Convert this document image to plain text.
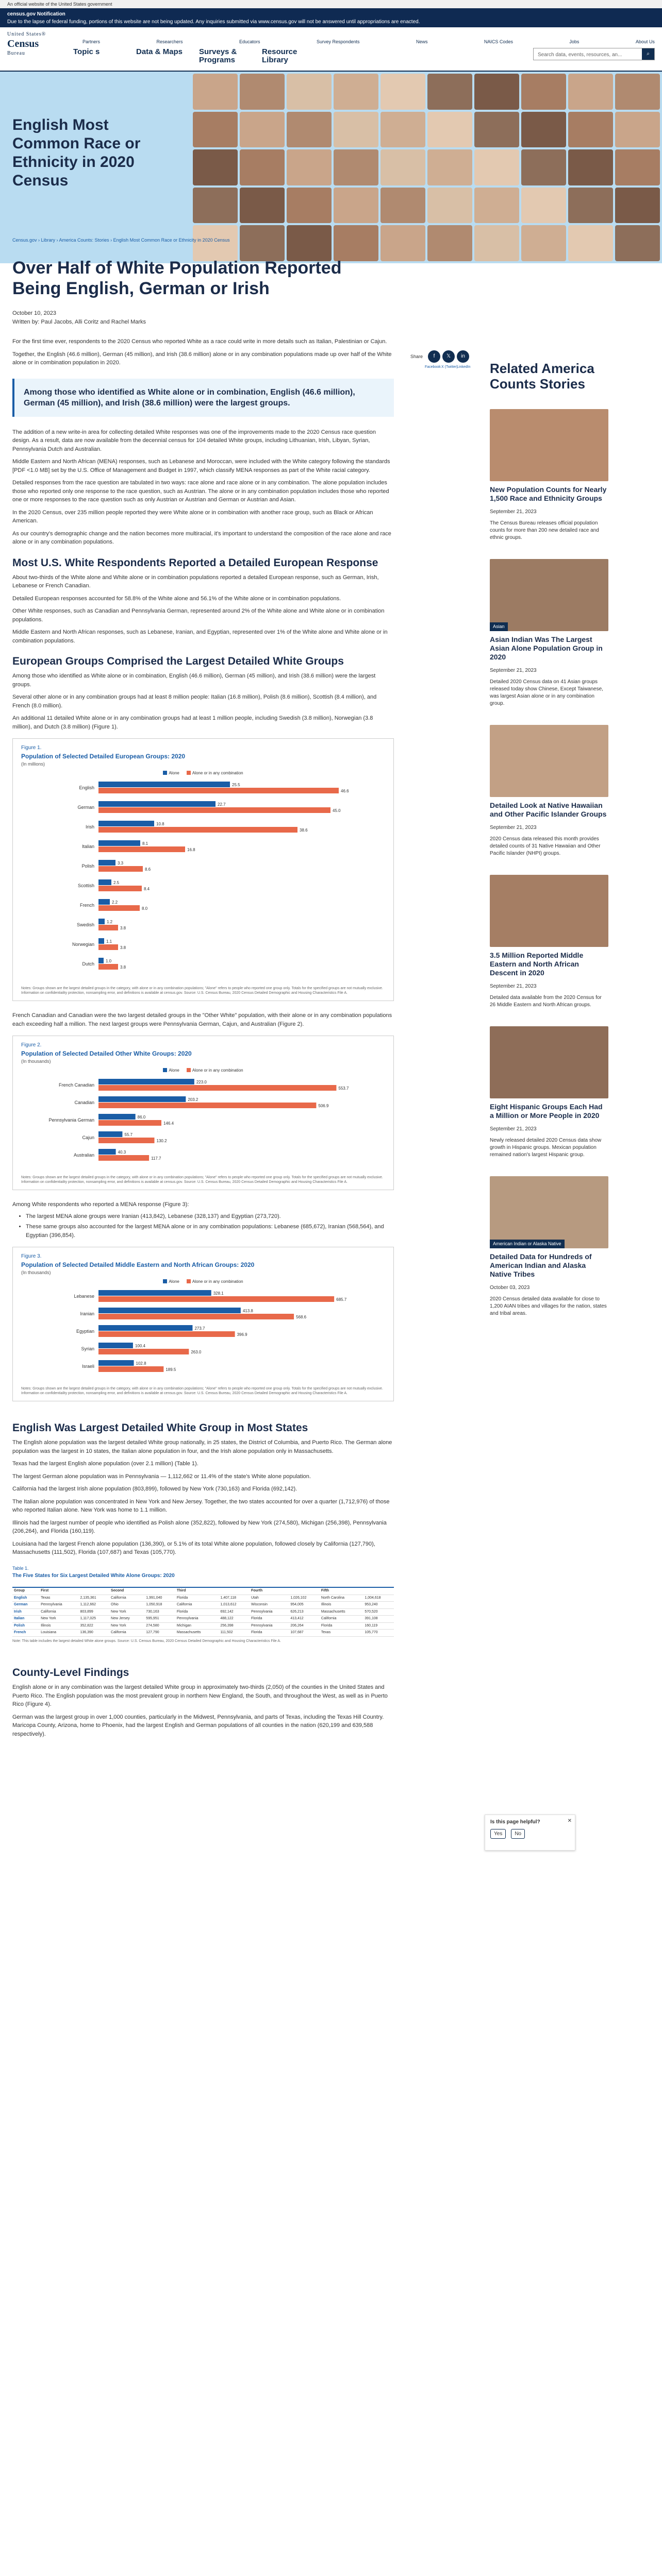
An official website of the United States government
census.gov Notification
Due to the lapse of federal funding, portions of this website are not being updated. Any inquiries submitted via www.census.gov will not be answered until appropriations are enacted.
United States®
Census
Bureau	Topic s	Data & Maps	Surveys & Programs
Resource Library
Partners	Researchers	Educators	Survey Respondents	News	NAICS Codes	Jobs	About Us
Search data, events, resources, an...	⌕
English Most Common Race or Ethnicity in 2020 Census
Census.gov › Library › America Counts: Stories › English Most Common Race or Ethnicity in 2020 Census
Share	f	𝕏	in
Facebook X (Twitter)
LinkedIn
Over Half of White Population Reported Being English, German or Irish
October 10, 2023
Written by: Paul Jacobs, Alli Coritz and Rachel Marks

For the first time ever, respondents to the 2020 Census who reported White as a race could write in more details such as Italian, Palestinian or Cajun.

Together, the English (46.6 million), German (45 million), and Irish (38.6 million) alone or in any combination populations made up over half of the White alone or in combination population in 2020.

Among those who identified as White alone or in combination, English (46.6 million), German (45 million), and Irish (38.6 million) were the largest groups.

The addition of a new write-in area for collecting detailed White responses was one of the improvements made to the 2020 Census race question design. As a result, data are now available from the decennial census for 104 detailed White groups, including Lithuanian, Irish, Libyan, Syrian, Pennsylvania Dutch and Australian.

Middle Eastern and North African (MENA) responses, such as Lebanese and Moroccan, were included with the White category following the standards [PDF <1.0 MB] set by the U.S. Office of Management and Budget in 1997, which classify MENA responses as part of the White racial category.

Detailed responses from the race question are tabulated in two ways: race alone and race alone or in any combination. The alone population includes those who reported only one response to the race question, such as Austrian. The alone or in any combination population includes those who reported one or more responses to the race question such as only Austrian or Austrian and German or Austrian and Asian.

In the 2020 Census, over 235 million people reported they were White alone or in combination with another race group, such as Black or African American.

As our country's demographic change and the nation becomes more multiracial, it's important to understand the composition of the race alone and race alone or in any combination populations.

Most U.S. White Respondents Reported a Detailed European Response

About two-thirds of the White alone and White alone or in combination populations reported a detailed European response, such as German, Irish, Lebanese or French Canadian.

Detailed European responses accounted for 58.8% of the White alone and 56.1% of the White alone or in combination populations.

Other White responses, such as Canadian and Pennsylvania German, represented around 2% of the White alone and White alone or in combination populations.

Middle Eastern and North African responses, such as Lebanese, Iranian, and Egyptian, represented over 1% of the White alone and White alone or in combination populations.

European Groups Comprised the Largest Detailed White Groups

Among those who identified as White alone or in combination, English (46.6 million), German (45 million), and Irish (38.6 million) were the largest groups.

Several other alone or in any combination groups had at least 8 million people: Italian (16.8 million), Polish (8.6 million), Scottish (8.4 million), and French (8.0 million).

An additional 11 detailed White alone or in any combination groups had at least 1 million people, including Swedish (3.8 million), Norwegian (3.8 million), and Dutch (3.8 million) (Figure 1).

Figure 1.
Population of Selected Detailed European Groups: 2020
(In millions)
Alone	Alone or in any combination
English
25.5
46.6
German
22.7
45.0
Irish
10.8
38.6
Italian
8.1
16.8
Polish
3.3
8.6
Scottish
2.5
8.4
French
2.2
8.0
Swedish
1.2
3.8
Norwegian
1.1
3.8
Dutch
1.0
3.8
Notes: Groups shown are the largest detailed groups in the category, with alone or in any combination populations; "Alone" refers to people who reported one group only. Totals for the specified groups are not mutually exclusive. Information on confidentiality protection, nonsampling error, and definitions is available at census.gov. Source: U.S. Census Bureau, 2020 Census Detailed Demographic and Housing Characteristics File A.

French Canadian and Canadian were the two largest detailed groups in the "Other White" population, with their alone or in any combination populations each exceeding half a million. The next largest groups were Pennsylvania German, Cajun, and Australian (Figure 2).

Figure 2.
Population of Selected Detailed Other White Groups: 2020
(In thousands)
Alone	Alone or in any combination
French Canadian
223.0
553.7
Canadian
203.2
506.9
Pennsylvania German
86.0
146.4
Cajun
55.7
130.2
Australian
40.3
117.7
Notes: Groups shown are the largest detailed groups in the category, with alone or in any combination populations; "Alone" refers to people who reported one group only. Totals for the specified groups are not mutually exclusive. Information on confidentiality protection, nonsampling error, and definitions is available at census.gov. Source: U.S. Census Bureau, 2020 Census Detailed Demographic and Housing Characteristics File A.

Among White respondents who reported a MENA response (Figure 3):

• The largest MENA alone groups were Iranian (413,842), Lebanese (328,137) and Egyptian (273,720).
• These same groups also accounted for the largest MENA alone or in any combination populations: Lebanese (685,672), Iranian (568,564), and Egyptian (396,854).
Figure 3.
Population of Selected Detailed Middle Eastern and North African Groups: 2020
(In thousands)
Alone	Alone or in any combination
Lebanese
328.1
685.7
Iranian
413.8
568.6
Egyptian
273.7
396.9
Syrian
100.4
263.0
Israeli
102.8
189.5
Notes: Groups shown are the largest detailed groups in the category, with alone or in any combination populations; "Alone" refers to people who reported one group only. Totals for the specified groups are not mutually exclusive. Information on confidentiality protection, nonsampling error, and definitions is available at census.gov. Source: U.S. Census Bureau, 2020 Census Detailed Demographic and Housing Characteristics File A.
English Was Largest Detailed White Group in Most States

The English alone population was the largest detailed White group nationally, in 25 states, the District of Columbia, and Puerto Rico. The German alone population was the largest in 10 states, the Italian alone population in four, and the Irish alone population only in Massachusetts.

Texas had the largest English alone population (over 2.1 million) (Table 1).

The largest German alone population was in Pennsylvania — 1,112,662 or 11.4% of the state's White alone population.

California had the largest Irish alone population (803,899), followed by New York (730,163) and Florida (692,142).

The Italian alone population was concentrated in New York and New Jersey. Together, the two states accounted for over a quarter (1,712,976) of those who reported Italian alone. New York was home to 1.1 million.

Illinois had the largest number of people who identified as Polish alone (352,822), followed by New York (274,580), Michigan (256,398), Pennsylvania (206,264), and Florida (160,119).

Louisiana had the largest French alone population (136,390), or 5.1% of its total White alone population, followed closely by California (127,790), Massachusetts (111,502), Florida (107,687) and Texas (105,770).

Table 1.
The Five States for Six Largest Detailed White Alone Groups: 2020
Group	First		Second		Third		Fourth		Fifth	
English	Texas	2,135,361	California	1,991,040	Florida	1,407,118	Utah	1,026,102	North Carolina	1,004,618
German	Pennsylvania	1,112,662	Ohio	1,050,918	California	1,013,612	Wisconsin	954,005	Illinois	953,240
Irish	California	803,899	New York	730,163	Florida	692,142	Pennsylvania	626,213	Massachusetts	570,520
Italian	New York	1,117,025	New Jersey	595,951	Pennsylvania	488,122	Florida	413,412	California	391,108
Polish	Illinois	352,822	New York	274,580	Michigan	256,398	Pennsylvania	206,264	Florida	160,119
French	Louisiana	136,390	California	127,790	Massachusetts	111,502	Florida	107,687	Texas	105,770
Note: This table includes the largest detailed White alone groups. Source: U.S. Census Bureau, 2020 Census Detailed Demographic and Housing Characteristics File A.
County-Level Findings

English alone or in any combination was the largest detailed White group in approximately two-thirds (2,050) of the counties in the United States and Puerto Rico. The English population was the most prevalent group in northern New England, the South, and throughout the West, as well as in Puerto Rico (Figure 4).

German was the largest group in over 1,000 counties, particularly in the Midwest, Pennsylvania, and parts of Texas, including the Texas Hill Country. Maricopa County, Arizona, home to Phoenix, had the largest English and German populations of all counties in the nation (620,199 and 639,588 respectively).

Related America Counts Stories
New Population Counts for Nearly 1,500 Race and Ethnicity Groups
September 21, 2023
The Census Bureau releases official population counts for more than 200 new detailed race and ethnic groups.
Asian
Asian Indian Was The Largest Asian Alone Population Group in 2020
September 21, 2023
Detailed 2020 Census data on 41 Asian groups released today show Chinese, Except Taiwanese, was largest Asian alone or in any combination group.
Detailed Look at Native Hawaiian and Other Pacific Islander Groups
September 21, 2023
2020 Census data released this month provides detailed counts of 31 Native Hawaiian and Other Pacific Islander (NHPI) groups.
3.5 Million Reported Middle Eastern and North African Descent in 2020
September 21, 2023
Detailed data available from the 2020 Census for 26 Middle Eastern and North African groups.
Eight Hispanic Groups Each Had a Million or More People in 2020
September 21, 2023
Newly released detailed 2020 Census data show growth in Hispanic groups. Mexican population remained nation's largest Hispanic group.
American Indian or Alaska Native
Detailed Data for Hundreds of American Indian and Alaska Native Tribes
October 03, 2023
2020 Census detailed data available for close to 1,200 AIAN tribes and villages for the nation, states and tribal areas.
Is this page helpful?	✕
Yes	No
